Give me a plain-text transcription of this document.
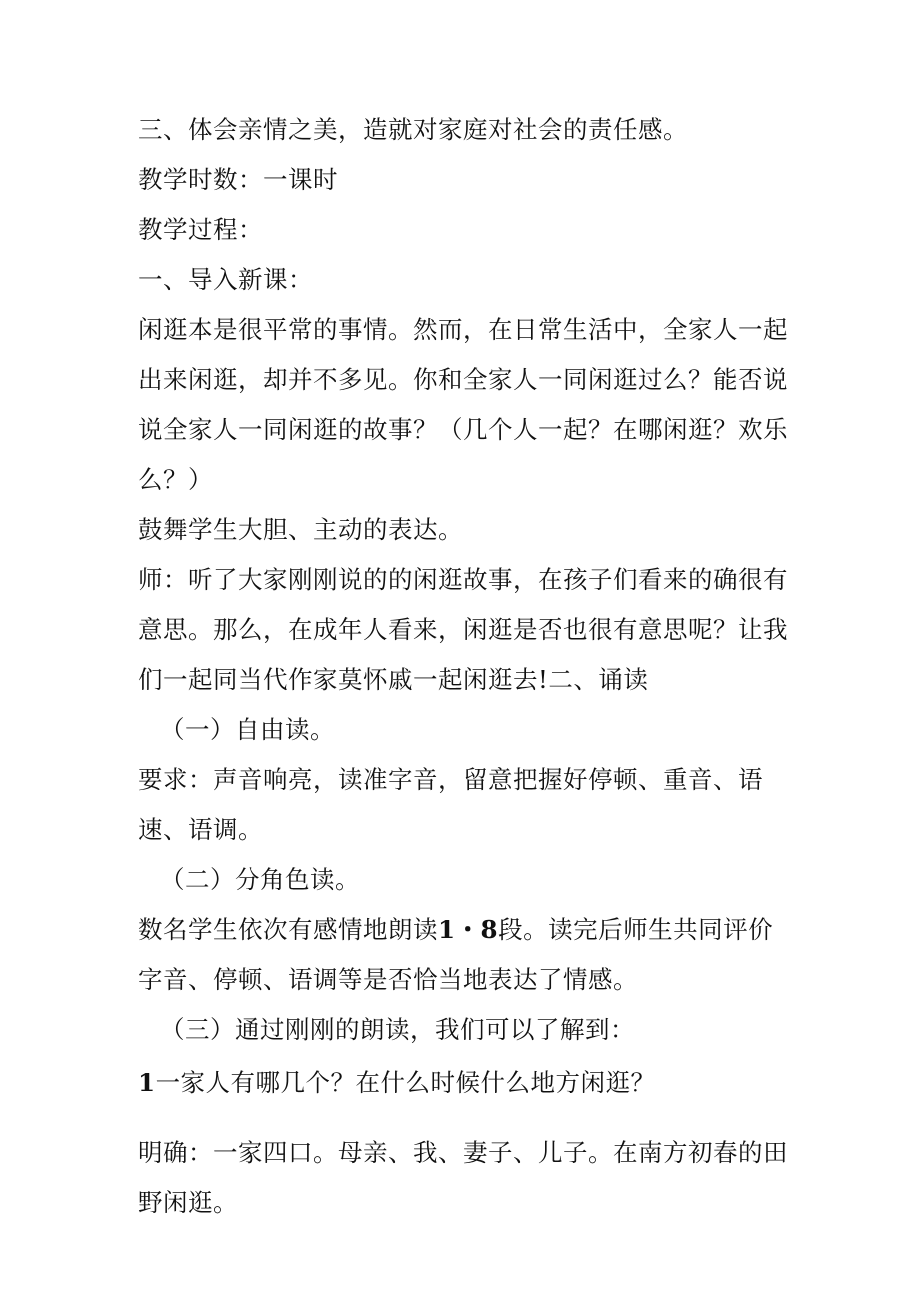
三、体会亲情之美，造就对家庭对社会的责任感。
教学时数：一课时
教学过程：
一、导入新课：
闲逛本是很平常的事情。然而，在日常生活中，全家人一起出来闲逛，却并不多见。你和全家人一同闲逛过么？能否说说全家人一同闲逛的故事？（几个人一起？在哪闲逛？欢乐么？）
鼓舞学生大胆、主动的表达。
师：听了大家刚刚说的的闲逛故事，在孩子们看来的确很有意思。那么，在成年人看来，闲逛是否也很有意思呢？让我们一起同当代作家莫怀戚一起闲逛去!二、诵读
（一）自由读。
要求：声音响亮，读准字音，留意把握好停顿、重音、语速、语调。
（二）分角色读。
数名学生依次有感情地朗读1・8段。读完后师生共同评价字音、停顿、语调等是否恰当地表达了情感。
（三）通过刚刚的朗读，我们可以了解到：
1一家人有哪几个？在什么时候什么地方闲逛？
明确：一家四口。母亲、我、妻子、儿子。在南方初春的田野闲逛。
